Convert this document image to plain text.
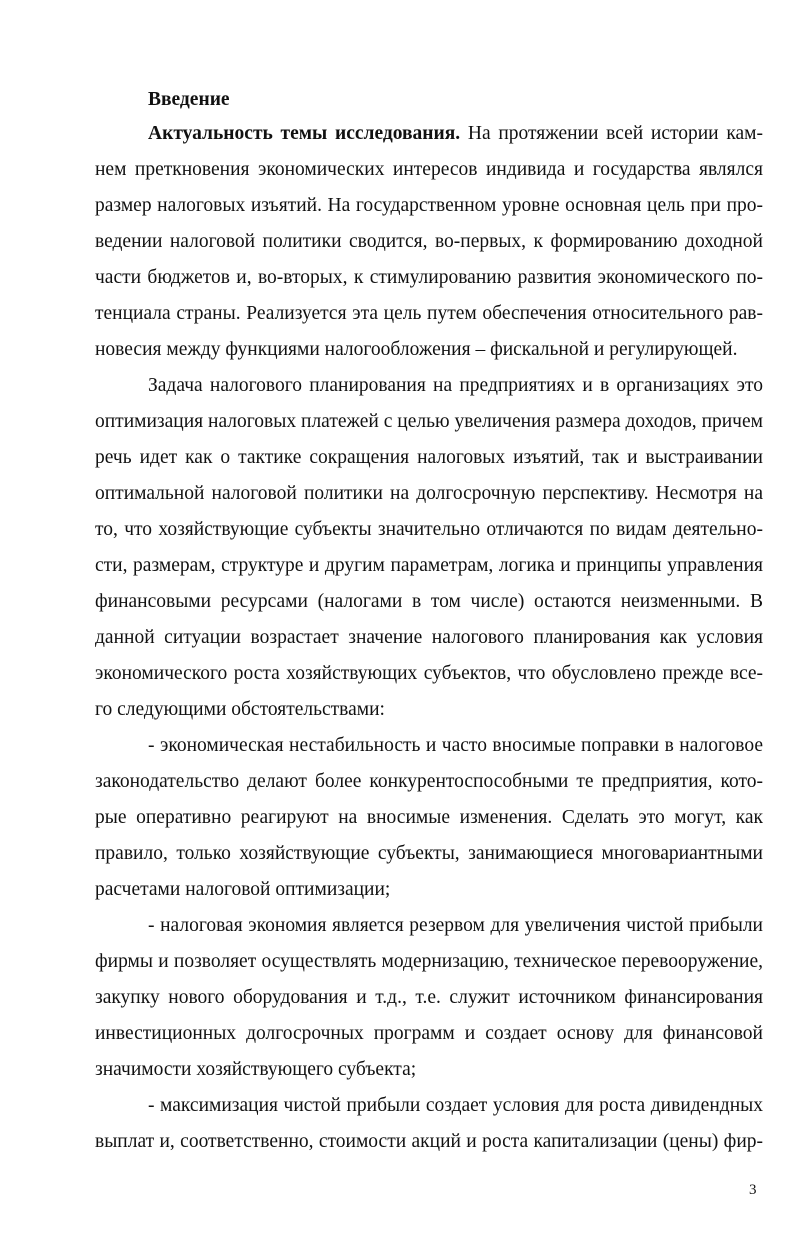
Введение
Актуальность темы исследования. На протяжении всей истории кам-
нем преткновения экономических интересов индивида и государства являлся
размер налоговых изъятий. На государственном уровне основная цель при про-
ведении налоговой политики сводится, во-первых, к формированию доходной
части бюджетов и, во-вторых, к стимулированию развития экономического по-
тенциала страны. Реализуется эта цель путем обеспечения относительного рав-
новесия между функциями налогообложения – фискальной и регулирующей.
Задача налогового планирования на предприятиях и в организациях это
оптимизация налоговых платежей с целью увеличения размера доходов, причем
речь идет как о тактике сокращения налоговых изъятий, так и выстраивании
оптимальной налоговой политики на долгосрочную перспективу. Несмотря на
то, что хозяйствующие субъекты значительно отличаются по видам деятельно-
сти, размерам, структуре и другим параметрам, логика и принципы управления
финансовыми ресурсами (налогами в том числе) остаются неизменными. В
данной ситуации возрастает значение налогового планирования как условия
экономического роста хозяйствующих субъектов, что обусловлено прежде все-
го следующими обстоятельствами:
- экономическая нестабильность и часто вносимые поправки в налоговое
законодательство делают более конкурентоспособными те предприятия, кото-
рые оперативно реагируют на вносимые изменения. Сделать это могут, как
правило, только хозяйствующие субъекты, занимающиеся многовариантными
расчетами налоговой оптимизации;
- налоговая экономия является резервом для увеличения чистой прибыли
фирмы и позволяет осуществлять модернизацию, техническое перевооружение,
закупку нового оборудования и т.д., т.е. служит источником финансирования
инвестиционных долгосрочных программ и создает основу для финансовой
значимости хозяйствующего субъекта;
- максимизация чистой прибыли создает условия для роста дивидендных
выплат и, соответственно, стоимости акций и роста капитализации (цены) фир-
3
